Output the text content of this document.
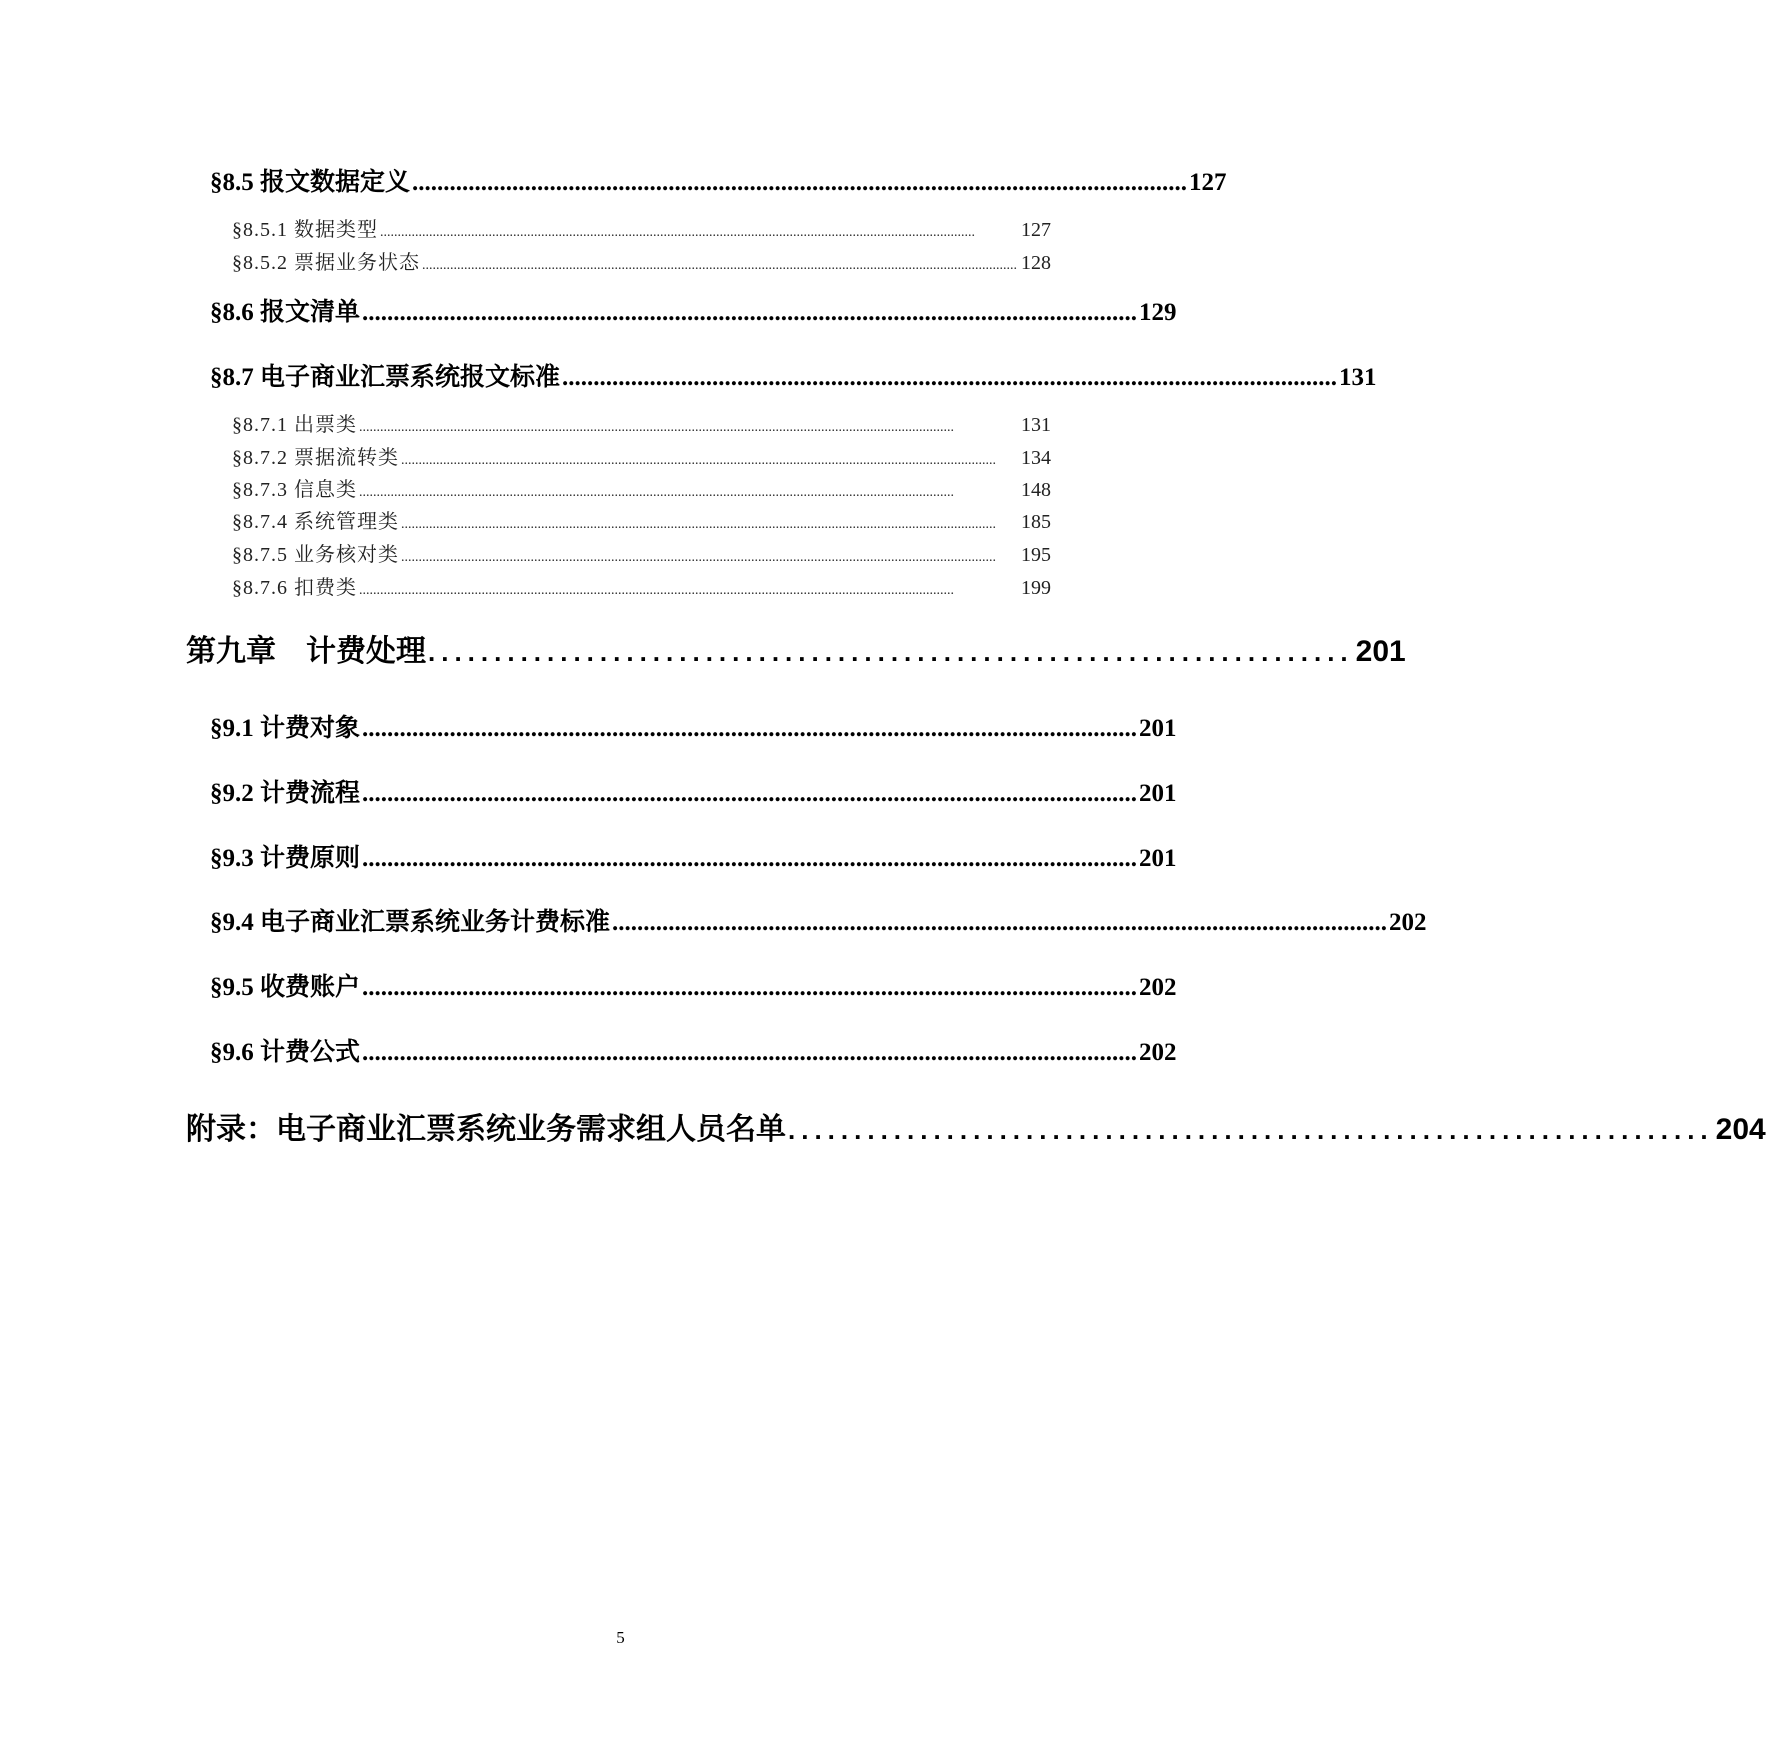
§8.5 报文数据定义 ............................................................................................................................ 127
§8.5.1 数据类型 ..........................................................................................................................................................................	127
§8.5.2 票据业务状态 .......................................................................................................................................................................... 128
§8.6 报文清单 ............................................................................................................................ 129
§8.7 电子商业汇票系统报文标准 ............................................................................................................................ 131
§8.7.1 出票类 ..........................................................................................................................................................................	131
§8.7.2 票据流转类 ..........................................................................................................................................................................	134
§8.7.3 信息类 ..........................................................................................................................................................................	148
§8.7.4 系统管理类 ..........................................................................................................................................................................	185
§8.7.5 业务核对类 ..........................................................................................................................................................................	195
§8.7.6 扣费类 ..........................................................................................................................................................................	199
第九章　计费处理 ...................................................................... 201
§9.1 计费对象 ............................................................................................................................ 201
§9.2 计费流程 ............................................................................................................................ 201
§9.3 计费原则 ............................................................................................................................ 201
§9.4 电子商业汇票系统业务计费标准 ............................................................................................................................ 202
§9.5 收费账户 ............................................................................................................................ 202
§9.6 计费公式 ............................................................................................................................ 202
附录：电子商业汇票系统业务需求组人员名单 ...................................................................... 204
5
